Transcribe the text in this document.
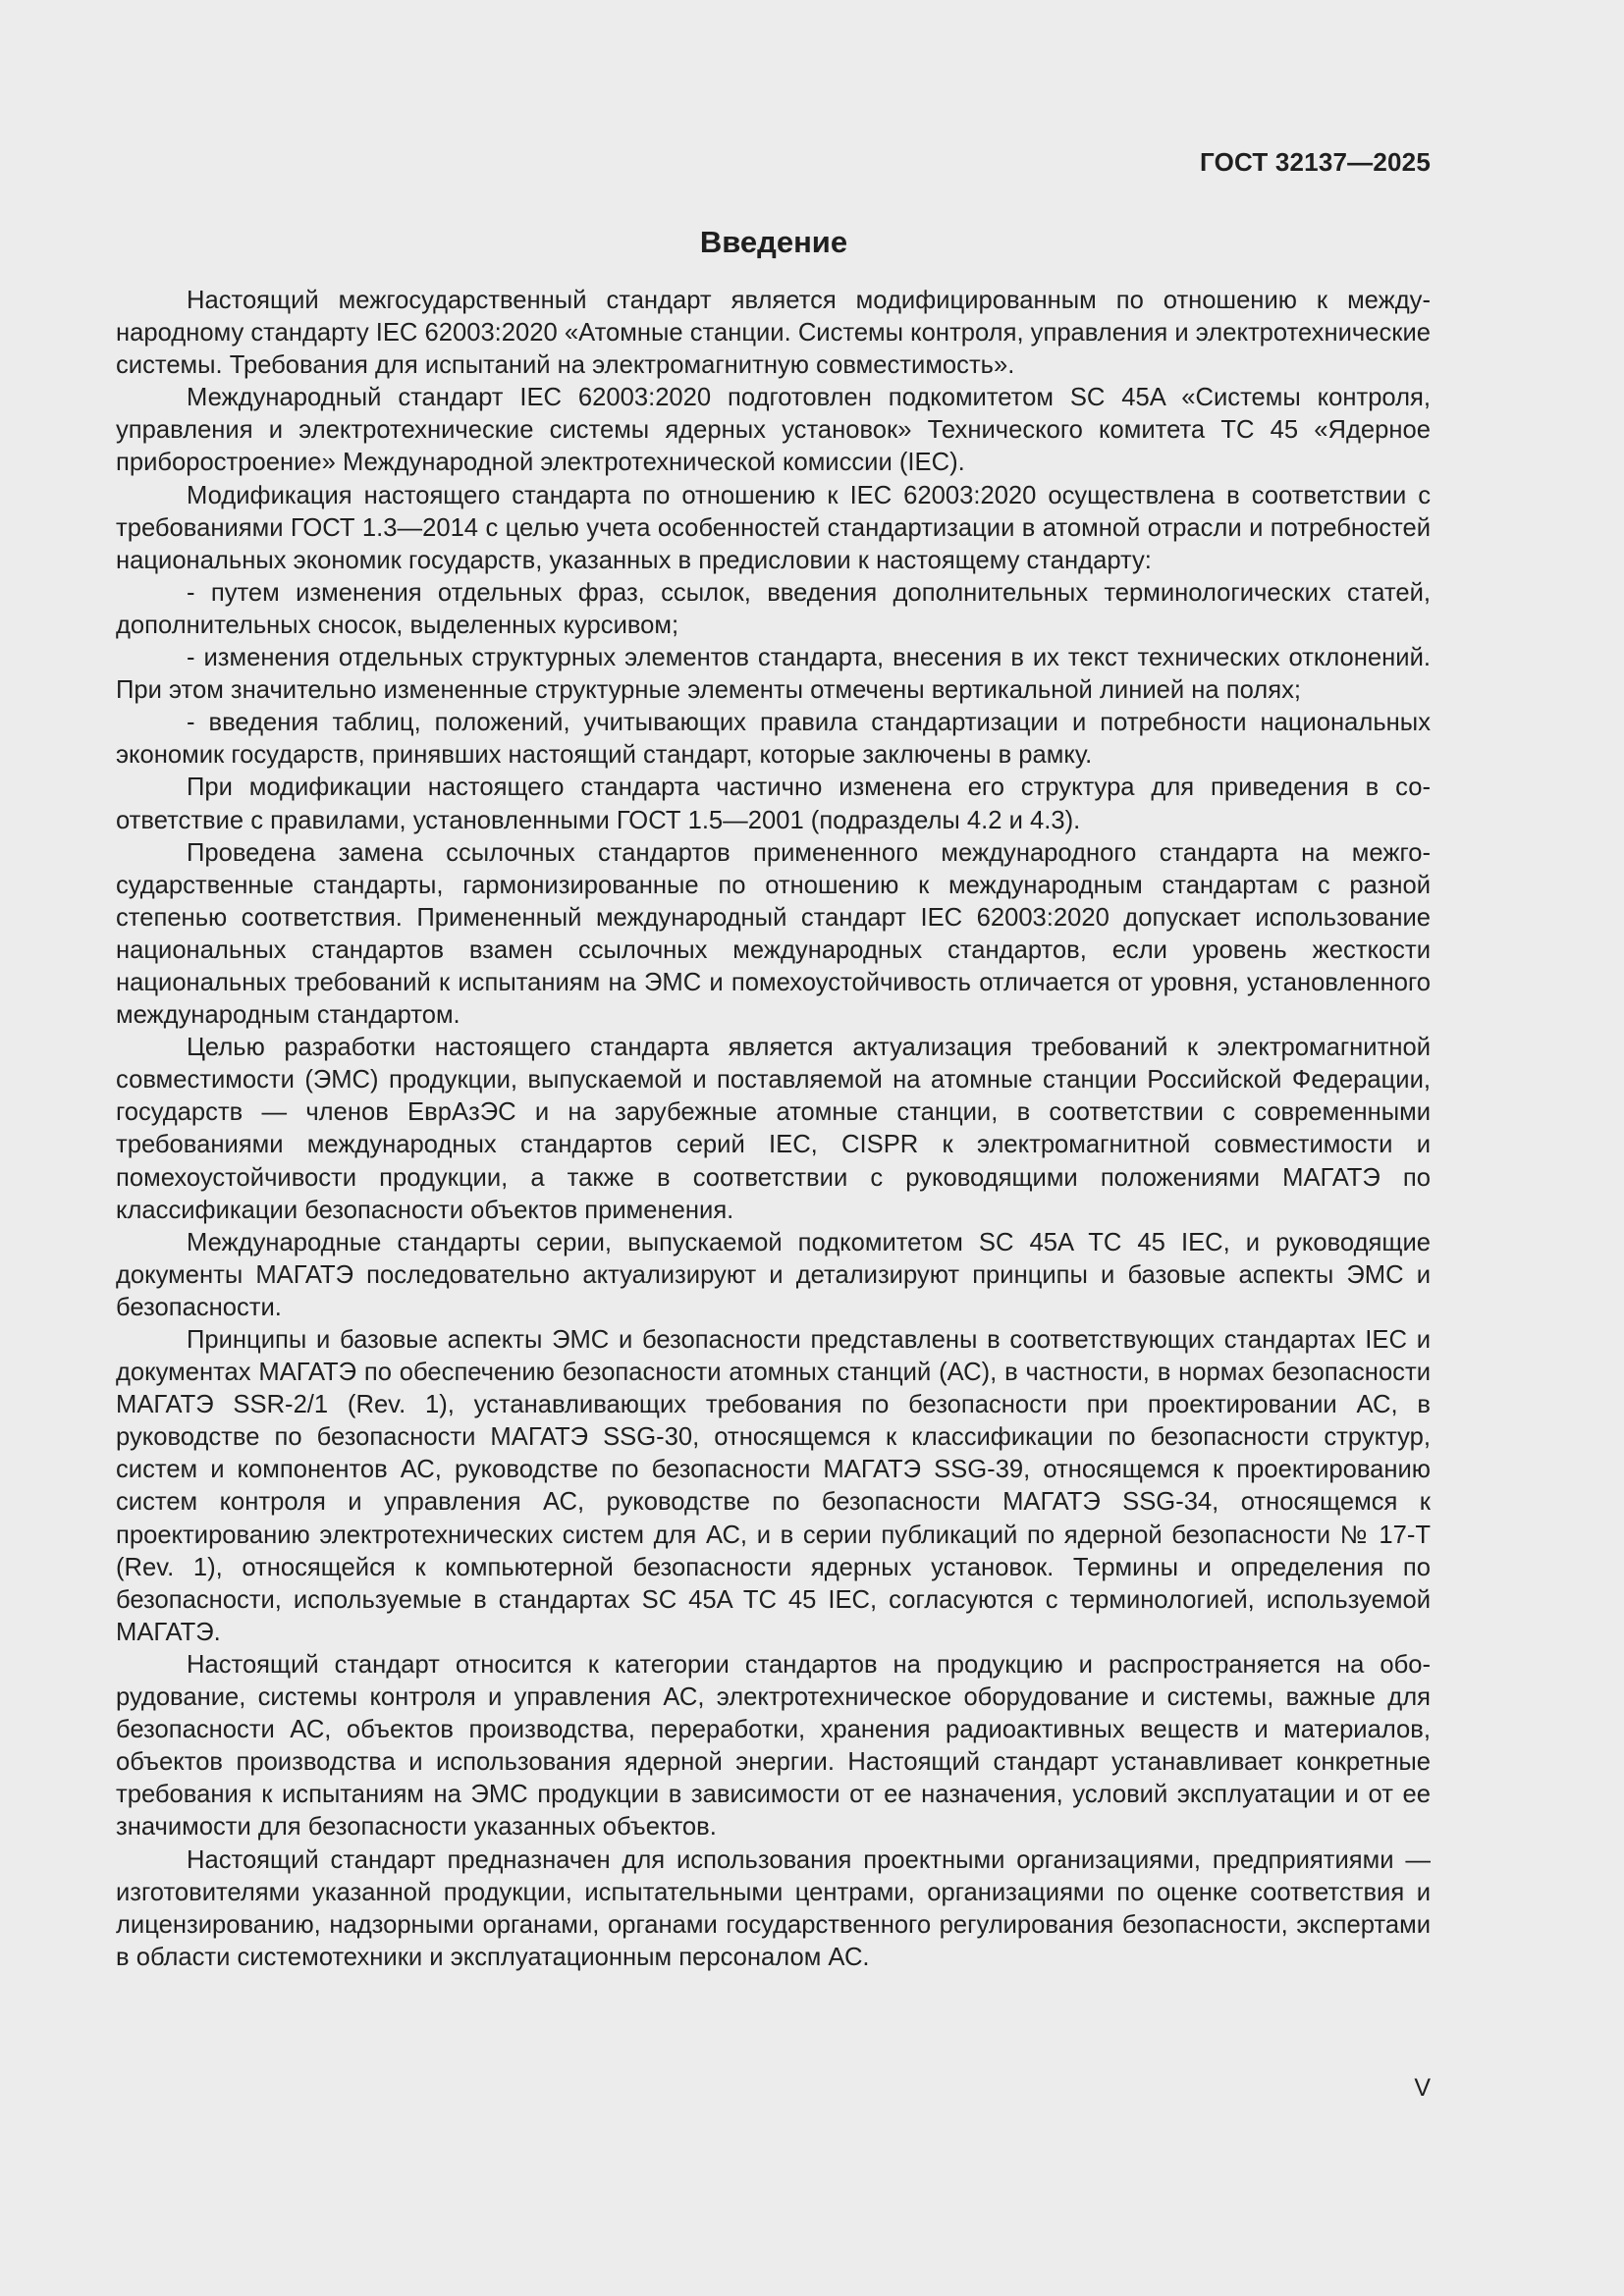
ГОСТ 32137—2025
Введение

Настоящий межгосударственный стандарт является модифицированным по отношению к международному стандарту IEC 62003:2020 «Атомные станции. Системы контроля, управления и электротехнические системы. Требования для испытаний на электромагнитную совместимость».

Международный стандарт IEC 62003:2020 подготовлен подкомитетом SC 45A «Системы контроля, управления и электротехнические системы ядерных установок» Технического комитета ТС 45 «Ядерное приборостроение» Международной электротехнической комиссии (IEC).

Модификация настоящего стандарта по отношению к IEC 62003:2020 осуществлена в соответствии с требованиями ГОСТ 1.3—2014 с целью учета особенностей стандартизации в атомной отрасли и потребностей национальных экономик государств, указанных в предисловии к настоящему стандарту:

- путем изменения отдельных фраз, ссылок, введения дополнительных терминологических статей, дополнительных сносок, выделенных курсивом;

- изменения отдельных структурных элементов стандарта, внесения в их текст технических отклонений. При этом значительно измененные структурные элементы отмечены вертикальной линией на полях;

- введения таблиц, положений, учитывающих правила стандартизации и потребности национальных экономик государств, принявших настоящий стандарт, которые заключены в рамку.

При модификации настоящего стандарта частично изменена его структура для приведения в соответствие с правилами, установленными ГОСТ 1.5—2001 (подразделы 4.2 и 4.3).

Проведена замена ссылочных стандартов примененного международного стандарта на межгосударственные стандарты, гармонизированные по отношению к международным стандартам с разной степенью соответствия. Примененный международный стандарт IEC 62003:2020 допускает использование национальных стандартов взамен ссылочных международных стандартов, если уровень жесткости национальных требований к испытаниям на ЭМС и помехоустойчивость отличается от уровня, установленного международным стандартом.

Целью разработки настоящего стандарта является актуализация требований к электромагнитной совместимости (ЭМС) продукции, выпускаемой и поставляемой на атомные станции Российской Федерации, государств — членов ЕврАзЭС и на зарубежные атомные станции, в соответствии с современными требованиями международных стандартов серий IEC, CISPR к электромагнитной совместимости и помехоустойчивости продукции, а также в соответствии с руководящими положениями МАГАТЭ по классификации безопасности объектов применения.

Международные стандарты серии, выпускаемой подкомитетом SC 45A TC 45 IEC, и руководящие документы МАГАТЭ последовательно актуализируют и детализируют принципы и базовые аспекты ЭМС и безопасности.

Принципы и базовые аспекты ЭМС и безопасности представлены в соответствующих стандартах IEC и документах МАГАТЭ по обеспечению безопасности атомных станций (АС), в частности, в нормах безопасности МАГАТЭ SSR-2/1 (Rev. 1), устанавливающих требования по безопасности при проектировании АС, в руководстве по безопасности МАГАТЭ SSG-30, относящемся к классификации по безопасности структур, систем и компонентов АС, руководстве по безопасности МАГАТЭ SSG-39, относящемся к проектированию систем контроля и управления АС, руководстве по безопасности МАГАТЭ SSG-34, относящемся к проектированию электротехнических систем для АС, и в серии публикаций по ядерной безопасности № 17-Т (Rev. 1), относящейся к компьютерной безопасности ядерных установок. Термины и определения по безопасности, используемые в стандартах SC 45A TC 45 IEC, согласуются с терминологией, используемой МАГАТЭ.

Настоящий стандарт относится к категории стандартов на продукцию и распространяется на оборудование, системы контроля и управления АС, электротехническое оборудование и системы, важные для безопасности АС, объектов производства, переработки, хранения радиоактивных веществ и материалов, объектов производства и использования ядерной энергии. Настоящий стандарт устанавливает конкретные требования к испытаниям на ЭМС продукции в зависимости от ее назначения, условий эксплуатации и от ее значимости для безопасности указанных объектов.

Настоящий стандарт предназначен для использования проектными организациями, предприятиями — изготовителями указанной продукции, испытательными центрами, организациями по оценке соответствия и лицензированию, надзорными органами, органами государственного регулирования безопасности, экспертами в области системотехники и эксплуатационным персоналом АС.

V
